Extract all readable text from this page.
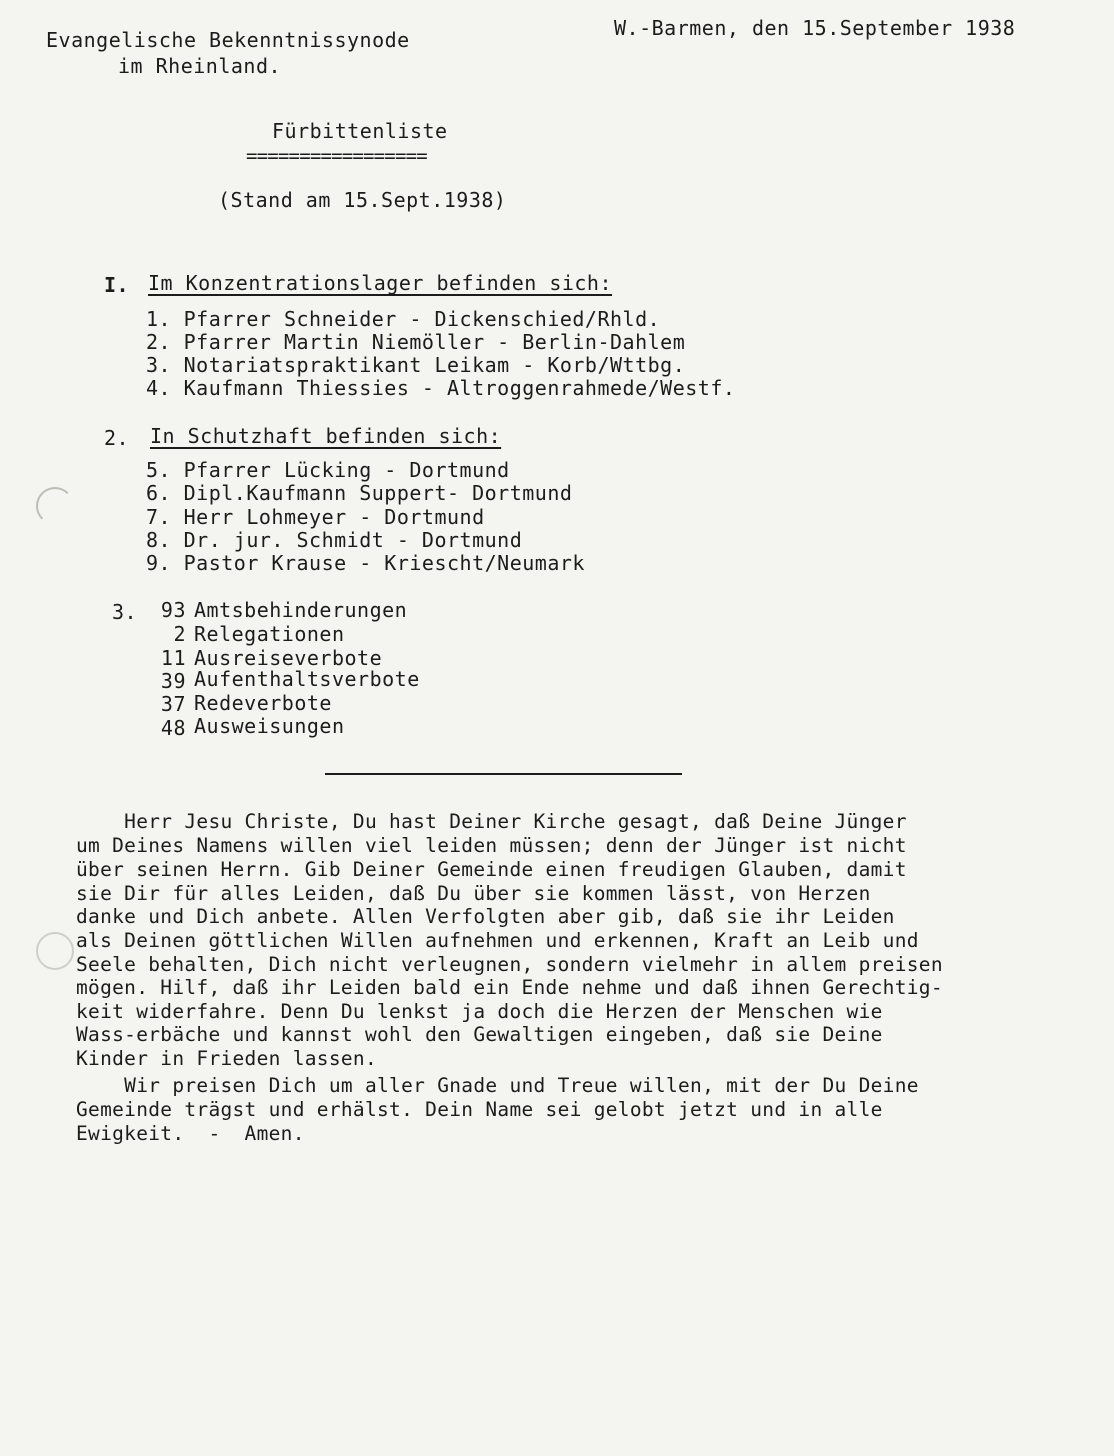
Evangelische Bekenntnissynode
im Rheinland.
W.-Barmen, den 15.September 1938
Fürbittenliste
=================
(Stand am 15.Sept.1938)
I. Im Konzentrationslager befinden sich:
1. Pfarrer Schneider - Dickenschied/Rhld.
2. Pfarrer Martin Niemöller - Berlin-Dahlem
3. Notariatspraktikant Leikam - Korb/Wttbg.
4. Kaufmann Thiessies - Altroggenrahmede/Westf.
2. In Schutzhaft befinden sich:
5. Pfarrer Lücking - Dortmund
6. Dipl.Kaufmann Suppert- Dortmund
7. Herr Lohmeyer - Dortmund
8. Dr. jur. Schmidt - Dortmund
9. Pastor Krause - Kriescht/Neumark
3.	93 Amtsbehinderungen
2 Relegationen
11 Ausreiseverbote
39 Aufenthaltsverbote
37 Redeverbote
48 Ausweisungen
Herr Jesu Christe, Du hast Deiner Kirche gesagt, daß Deine Jünger
um Deines Namens willen viel leiden müssen; denn der Jünger ist nicht
über seinen Herrn. Gib Deiner Gemeinde einen freudigen Glauben, damit
sie Dir für alles Leiden, daß Du über sie kommen lässt, von Herzen
danke und Dich anbete. Allen Verfolgten aber gib, daß sie ihr Leiden
als Deinen göttlichen Willen aufnehmen und erkennen, Kraft an Leib und
Seele behalten, Dich nicht verleugnen, sondern vielmehr in allem preisen
mögen. Hilf, daß ihr Leiden bald ein Ende nehme und daß ihnen Gerechtig-
keit widerfahre. Denn Du lenkst ja doch die Herzen der Menschen wie
Wass-erbäche und kannst wohl den Gewaltigen eingeben, daß sie Deine
Kinder in Frieden lassen.
Wir preisen Dich um aller Gnade und Treue willen, mit der Du Deine
Gemeinde trägst und erhälst. Dein Name sei gelobt jetzt und in alle
Ewigkeit.  -  Amen.
